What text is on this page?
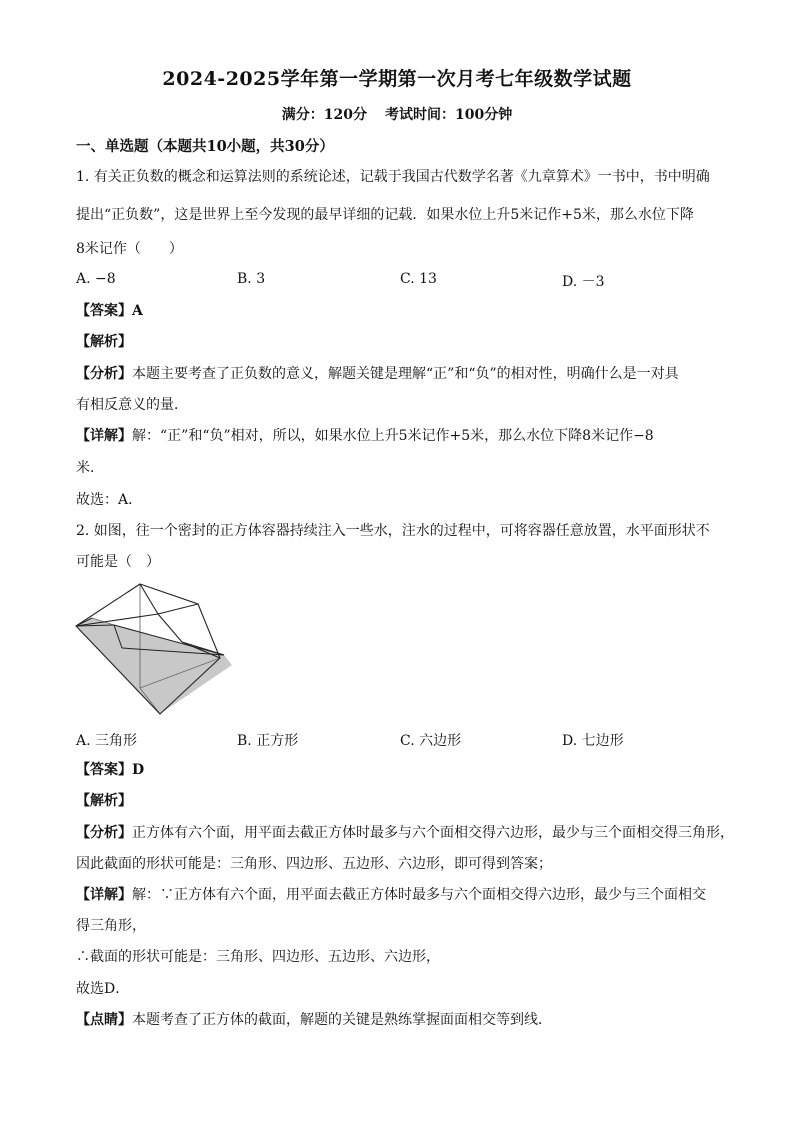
2024-2025学年第一学期第一次月考七年级数学试题
满分：120分 考试时间：100分钟
一、单选题（本题共10小题，共30分）
1. 有关正负数的概念和运算法则的系统论述，记载于我国古代数学名著《九章算术》一书中，书中明确
提出“正负数”，这是世界上至今发现的最早详细的记载．如果水位上升5米记作+5米，那么水位下降
8米记作（　　）
A. −8	B. 3	C. 13	D. －3
【答案】A
【解析】
【分析】本题主要考查了正负数的意义，解题关键是理解“正”和“负”的相对性，明确什么是一对具
有相反意义的量．
【详解】解：“正”和“负”相对，所以，如果水位上升5米记作+5米，那么水位下降8米记作−8
米．
故选：A．
2. 如图，往一个密封的正方体容器持续注入一些水，注水的过程中，可将容器任意放置，水平面形状不
可能是（　）
A. 三角形	B. 正方形	C. 六边形	D. 七边形
【答案】D
【解析】
【分析】正方体有六个面，用平面去截正方体时最多与六个面相交得六边形，最少与三个面相交得三角形，
因此截面的形状可能是：三角形、四边形、五边形、六边形，即可得到答案；
【详解】解：∵正方体有六个面，用平面去截正方体时最多与六个面相交得六边形，最少与三个面相交
得三角形，
∴截面的形状可能是：三角形、四边形、五边形、六边形，
故选D．
【点睛】本题考查了正方体的截面，解题的关键是熟练掌握面面相交等到线．
